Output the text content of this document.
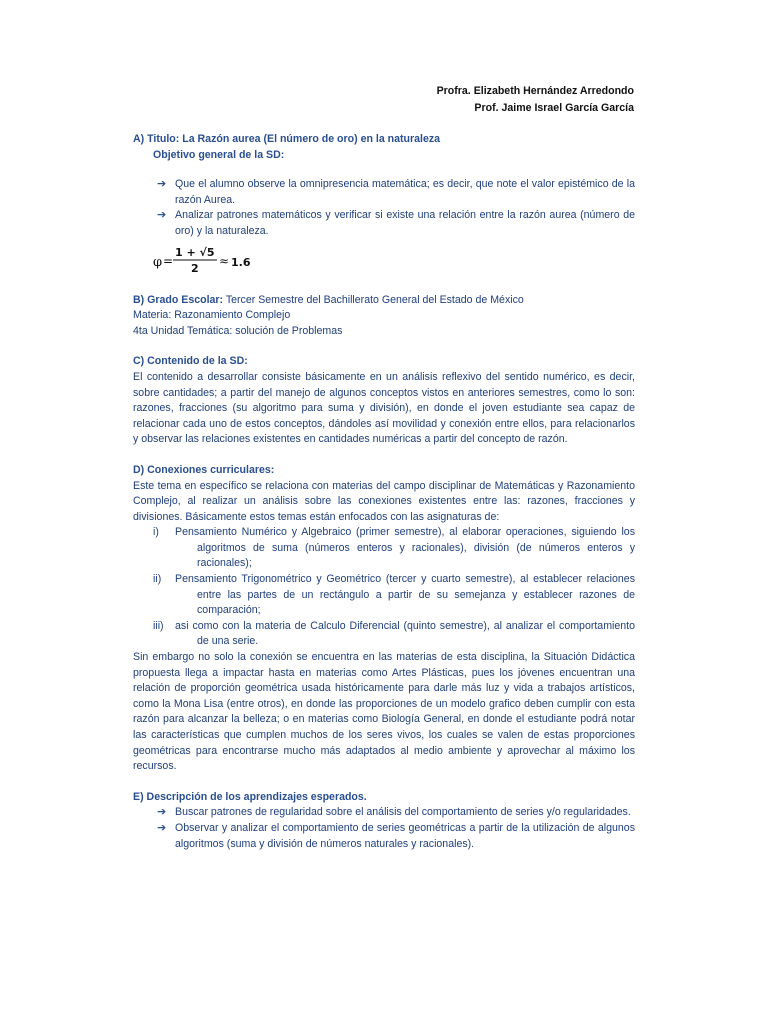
Profra. Elizabeth Hernández Arredondo
Prof. Jaime Israel García García
A) Titulo: La Razón aurea (El número de oro) en la naturaleza
Objetivo general de la SD:
➔ Que el alumno observe la omnipresencia matemática; es decir, que note el valor epistémico de la razón Aurea.
➔ Analizar patrones matemáticos y verificar si existe una relación entre la razón aurea (número de oro) y la naturaleza.
φ =
1 + √5
2
≈ 1.6
B) Grado Escolar: Tercer Semestre del Bachillerato General del Estado de México
Materia: Razonamiento Complejo
4ta Unidad Temática: solución de Problemas
C) Contenido de la SD:
El contenido a desarrollar consiste básicamente en un análisis reflexivo del sentido numérico, es decir, sobre cantidades; a partir del manejo de algunos conceptos vistos en anteriores semestres, como lo son: razones, fracciones (su algoritmo para suma y división), en donde el joven estudiante sea capaz de relacionar cada uno de estos conceptos, dándoles así movilidad y conexión entre ellos, para relacionarlos y observar las relaciones existentes en cantidades numéricas a partir del concepto de razón.
D) Conexiones curriculares:
Este tema en específico se relaciona con materias del campo disciplinar de Matemáticas y Razonamiento Complejo, al realizar un análisis sobre las conexiones existentes entre las: razones, fracciones y divisiones. Básicamente estos temas están enfocados con las asignaturas de:
i) Pensamiento Numérico y Algebraico (primer semestre), al elaborar operaciones, siguiendo los algoritmos de suma (números enteros y racionales), división (de números enteros y racionales);
ii) Pensamiento Trigonométrico y Geométrico (tercer y cuarto semestre), al establecer relaciones entre las partes de un rectángulo a partir de su semejanza y establecer razones de comparación;
iii) asi como con la materia de Calculo Diferencial (quinto semestre), al analizar el comportamiento de una serie.
Sin embargo no solo la conexión se encuentra en las materias de esta disciplina, la Situación Didáctica propuesta llega a impactar hasta en materias como Artes Plásticas, pues los jóvenes encuentran una relación de proporción geométrica usada históricamente para darle más luz y vida a trabajos artísticos, como la Mona Lisa (entre otros), en donde las proporciones de un modelo grafico deben cumplir con esta razón para alcanzar la belleza; o en materias como Biología General, en donde el estudiante podrá notar las características que cumplen muchos de los seres vivos, los cuales se valen de estas proporciones geométricas para encontrarse mucho más adaptados al medio ambiente y aprovechar al máximo los recursos.
E) Descripción de los aprendizajes esperados.
➔ Buscar patrones de regularidad sobre el análisis del comportamiento de series y/o regularidades.
➔ Observar y analizar el comportamiento de series geométricas a partir de la utilización de algunos algoritmos (suma y división de números naturales y racionales).
